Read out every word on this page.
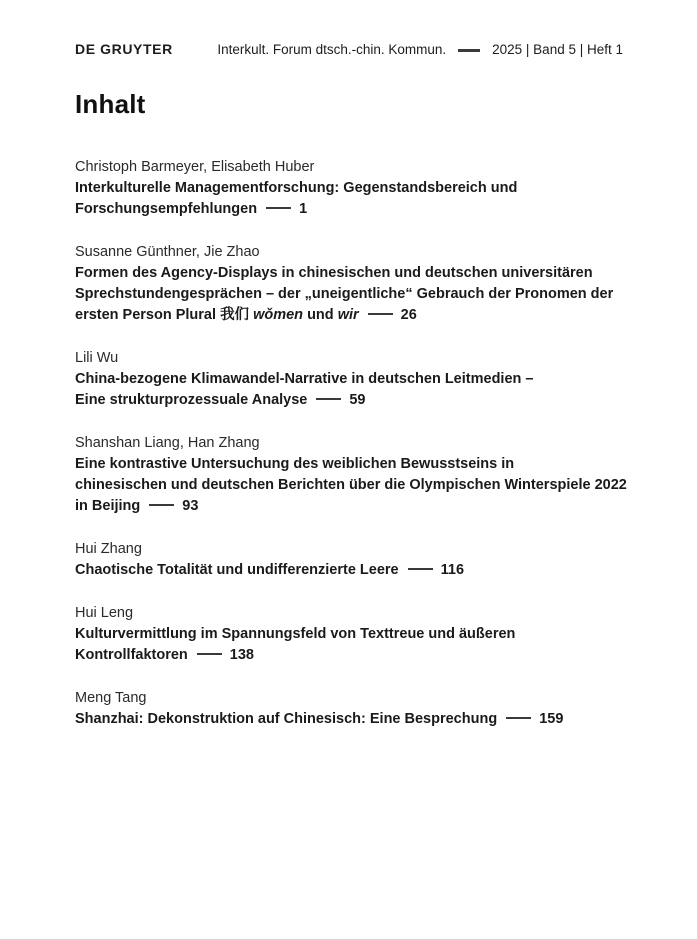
DE GRUYTER	Interkult. Forum dtsch.-chin. Kommun.	2025 | Band 5 | Heft 1
Inhalt
Christoph Barmeyer, Elisabeth Huber
Interkulturelle Managementforschung: Gegenstandsbereich und
Forschungsempfehlungen	1
Susanne Günthner, Jie Zhao
Formen des Agency-Displays in chinesischen und deutschen universitären
Sprechstundengesprächen – der „uneigentliche“ Gebrauch der Pronomen der
ersten Person Plural 我们 wǒmen und wir	26
Lili Wu
China-bezogene Klimawandel-Narrative in deutschen Leitmedien –
Eine strukturprozessuale Analyse	59
Shanshan Liang, Han Zhang
Eine kontrastive Untersuchung des weiblichen Bewusstseins in
chinesischen und deutschen Berichten über die Olympischen Winterspiele 2022
in Beijing	93
Hui Zhang
Chaotische Totalität und undifferenzierte Leere	116
Hui Leng
Kulturvermittlung im Spannungsfeld von Texttreue und äußeren
Kontrollfaktoren	138
Meng Tang
Shanzhai: Dekonstruktion auf Chinesisch: Eine Besprechung	159
